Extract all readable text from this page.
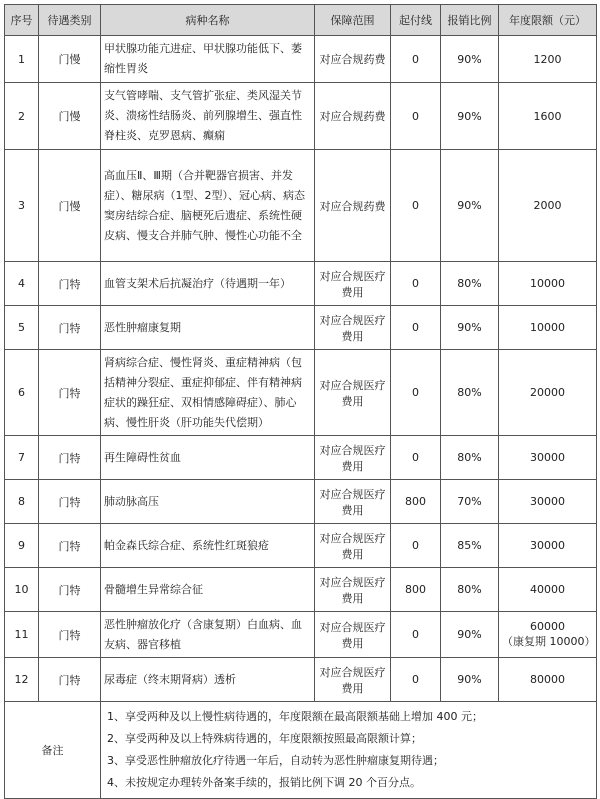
序号	待遇类别	病种名称	保障范围	起付线	报销比例	年度限额（元）
1	门慢	甲状腺功能亢进症、甲状腺功能低下、萎缩性胃炎	对应合规药费	0	90%	1200
2	门慢	支气管哮喘、支气管扩张症、类风湿关节炎、溃疡性结肠炎、前列腺增生、强直性脊柱炎、克罗恩病、癫痫	对应合规药费	0	90%	1600
3	门慢	高血压Ⅱ、Ⅲ期（合并靶器官损害、并发症）、糖尿病（1型、2型）、冠心病、病态窦房结综合症、脑梗死后遗症、系统性硬皮病、慢支合并肺气肿、慢性心功能不全	对应合规药费	0	90%	2000
4	门特	血管支架术后抗凝治疗（待遇期一年）	对应合规医疗费用	0	80%	10000
5	门特	恶性肿瘤康复期	对应合规医疗费用	0	90%	10000
6	门特	肾病综合症、慢性肾炎、重症精神病（包括精神分裂症、重症抑郁症、伴有精神病症状的躁狂症、双相情感障碍症）、肺心病、慢性肝炎（肝功能失代偿期）	对应合规医疗费用	0	80%	20000
7	门特	再生障碍性贫血	对应合规医疗费用	0	80%	30000
8	门特	肺动脉高压	对应合规医疗费用	800	70%	30000
9	门特	帕金森氏综合症、系统性红斑狼疮	对应合规医疗费用	0	85%	30000
10	门特	骨髓增生异常综合征	对应合规医疗费用	800	80%	40000
11	门特	恶性肿瘤放化疗（含康复期）白血病、血友病、器官移植	对应合规医疗费用	0	90%	60000
（康复期 10000）
12	门特	尿毒症（终末期肾病）透析	对应合规医疗费用	0	90%	80000
备注		1、享受两种及以上慢性病待遇的，年度限额在最高限额基础上增加 400 元；
2、享受两种及以上特殊病待遇的，年度限额按照最高限额计算；
3、享受恶性肿瘤放化疗待遇一年后，自动转为恶性肿瘤康复期待遇；
4、未按规定办理转外备案手续的，报销比例下调 20 个百分点。				
